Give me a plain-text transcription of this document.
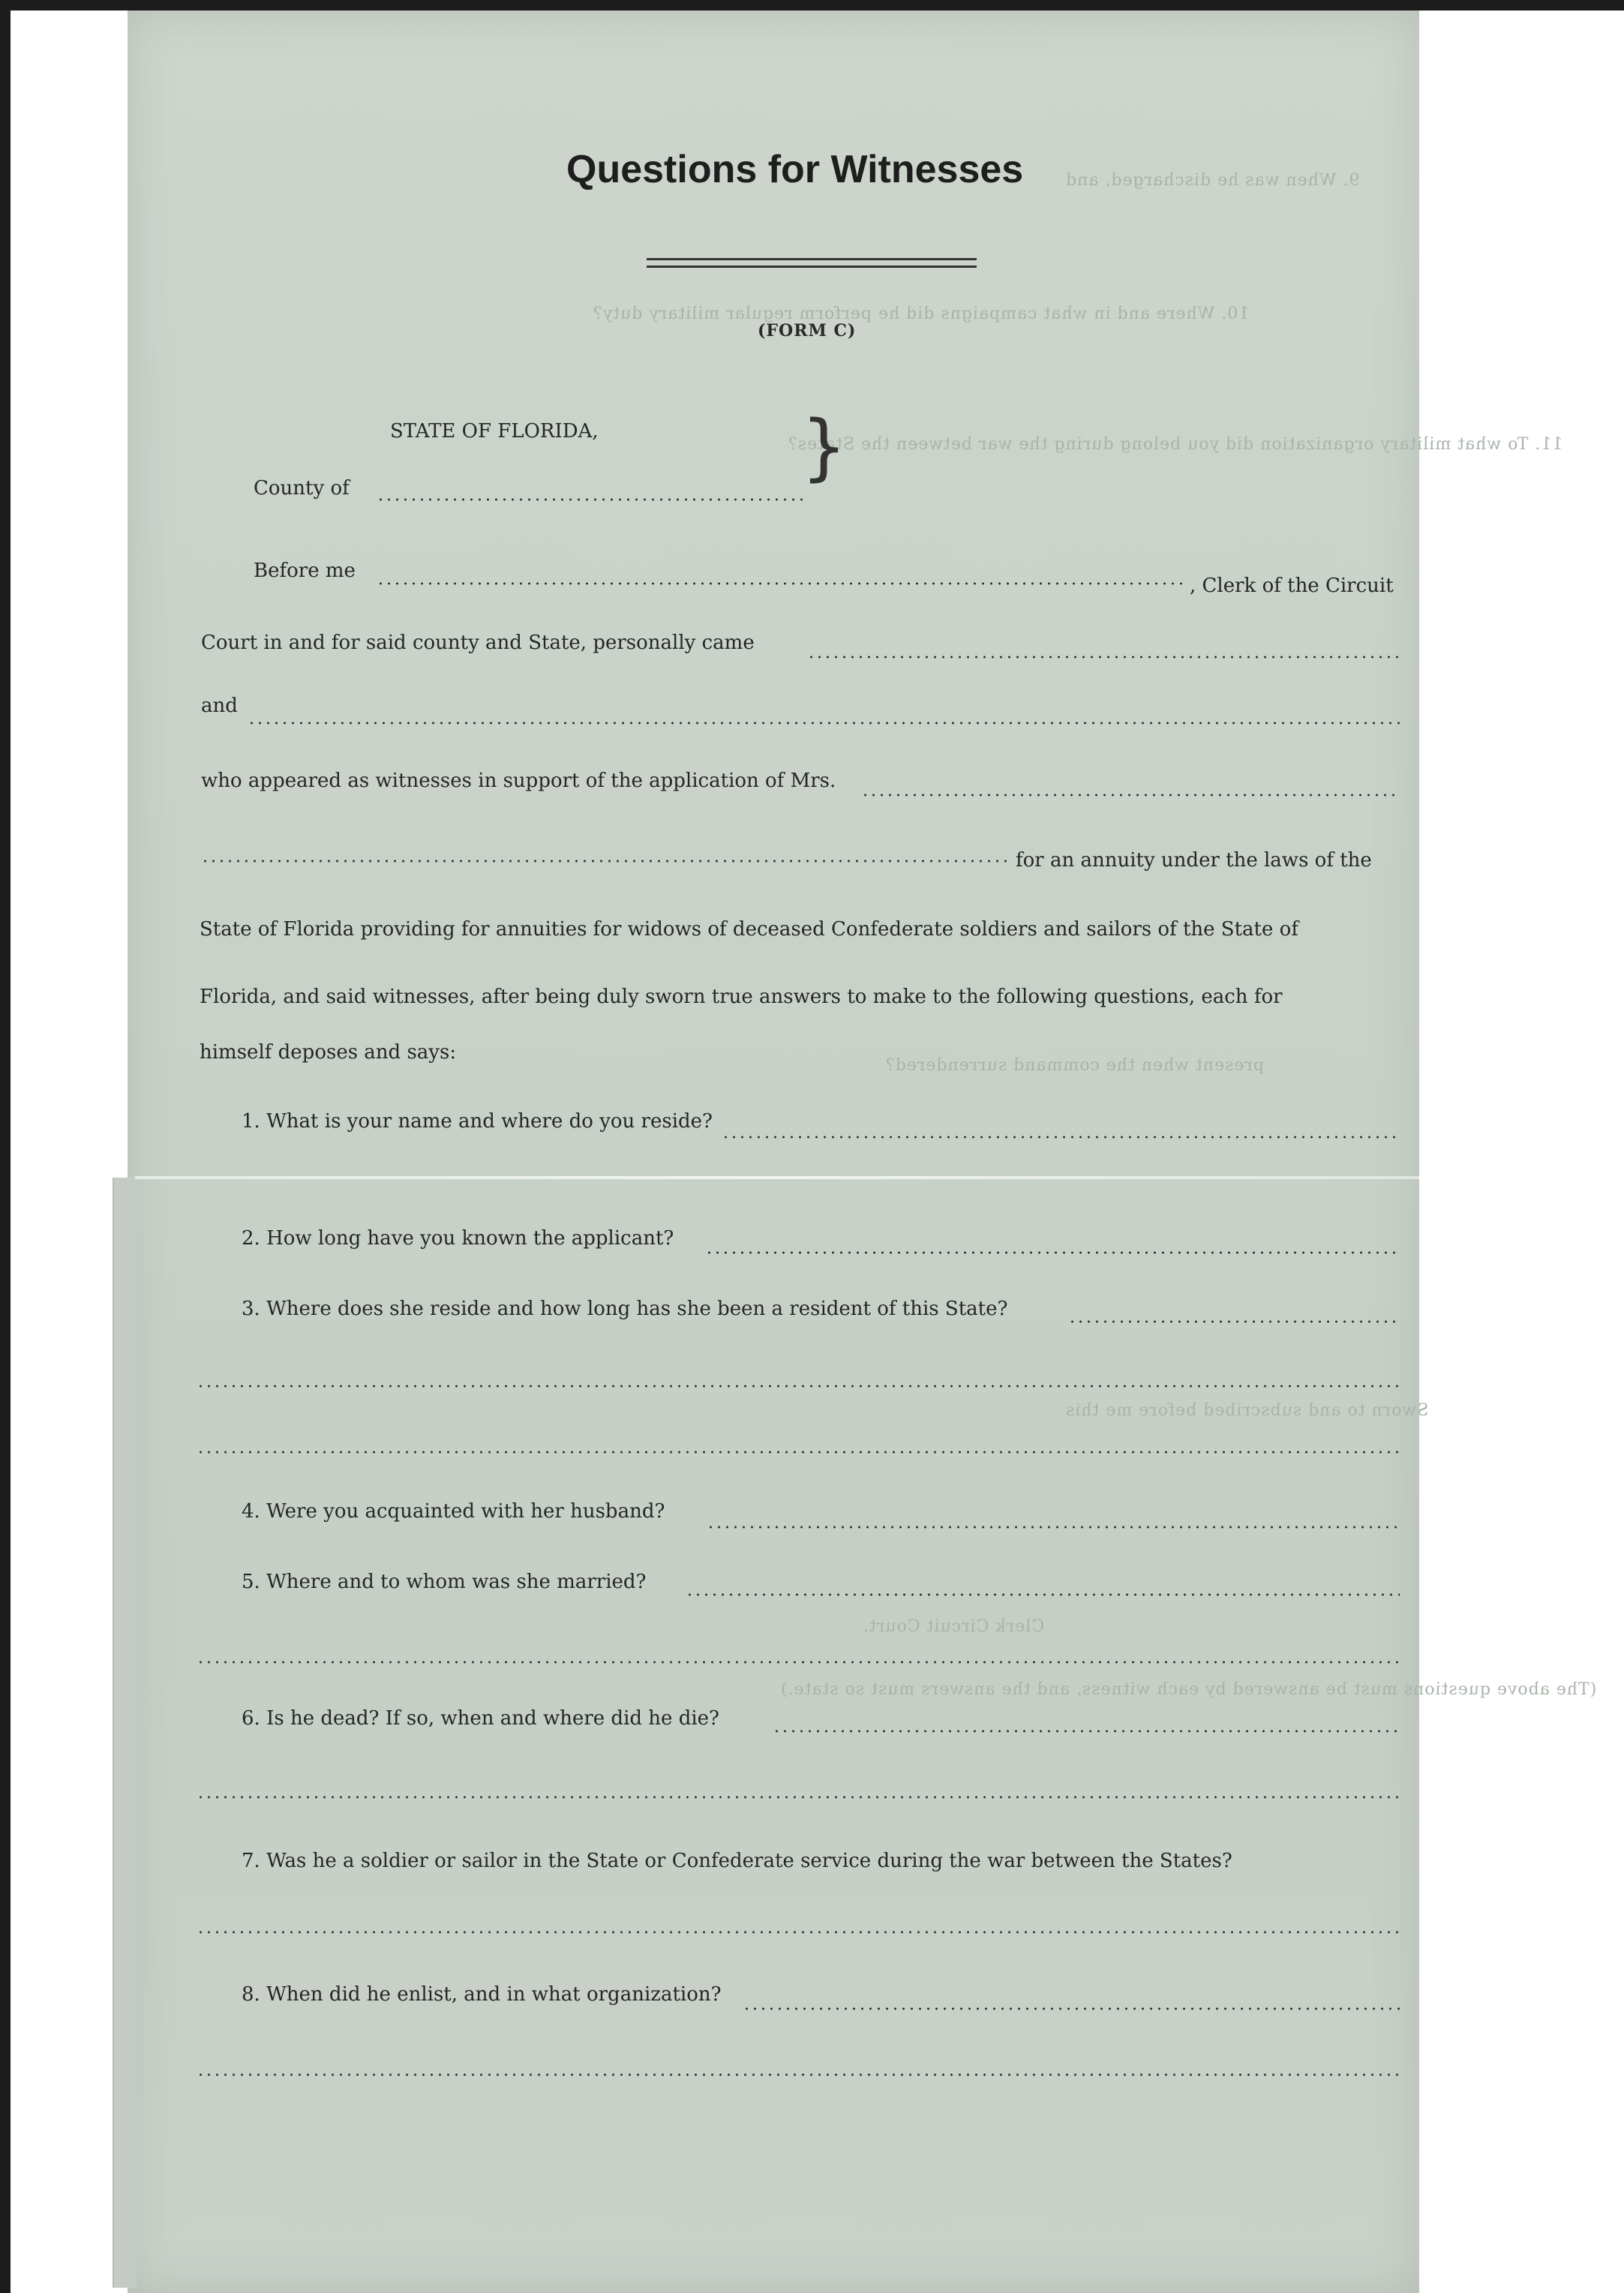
9. When was he discharged, and
10. Where and in what campaigns did he perform regular military duty?
11. To what military organization did you belong during the war between the States?
present when the command surrendered?
Sworn to and subscribed before me this
Clerk Circuit Court.
(The above questions must be answered by each witness, and the answers must so state.)
Questions for Witnesses
(FORM C)
STATE OF FLORIDA,	}
County of
Before me
, Clerk of the Circuit
Court in and for said county and State, personally came
and
who appeared as witnesses in support of the application of Mrs.
for an annuity under the laws of the
State of Florida providing for annuities for widows of deceased Confederate soldiers and sailors of the State of
Florida, and said witnesses, after being duly sworn true answers to make to the following questions, each for
himself deposes and says:
1. What is your name and where do you reside?
2. How long have you known the applicant?
3. Where does she reside and how long has she been a resident of this State?
4. Were you acquainted with her husband?
5. Where and to whom was she married?
6. Is he dead? If so, when and where did he die?
7. Was he a soldier or sailor in the State or Confederate service during the war between the States?
8. When did he enlist, and in what organization?
